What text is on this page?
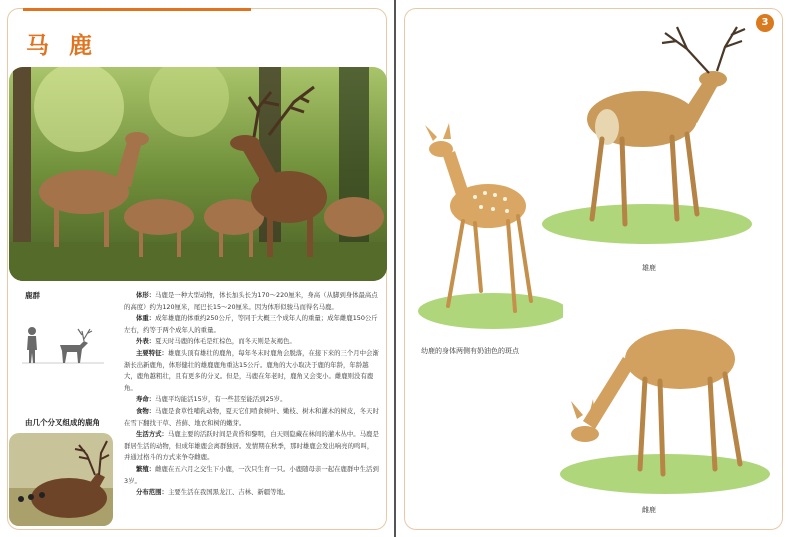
马 鹿
鹿群
由几个分叉组成的鹿角

体形：马鹿是一种大型动物，体长加头长为170～220厘米，身高（从脚到身体最高点的高度）约为120厘米，尾巴长15～20厘米。因为体形似骏马而得名马鹿。

体重：成年雄鹿的体重约250公斤，等同于大概三个成年人的重量；成年雌鹿150公斤左右，约等于两个成年人的重量。

外表：夏天时马鹿的体毛是红棕色，而冬天则是灰褐色。

主要特征：雄鹿头顶有雄壮的鹿角，每年冬末时鹿角会脱落，在接下来的三个月中会渐渐长出新鹿角，体形健壮的雄鹿鹿角重达15公斤。鹿角的大小取决于鹿的年龄，年龄越大，鹿角越粗壮，且有更多的分叉。但是，马鹿在年老时，鹿角又会变小。雌鹿则没有鹿角。

寿命：马鹿平均能活15岁，有一些甚至能活到25岁。

食物：马鹿是食草性哺乳动物，夏天它们啃食树叶、嫩枝、树木和灌木的树皮，冬天时在雪下翻找干草、苔藓、地衣和树的嫩芽。

生活方式：马鹿主要的活跃时间是黄昏和黎明，白天则隐藏在林间的灌木丛中。马鹿是群居生活的动物，但成年雄鹿会离群独居。发情期在秋季，那时雄鹿会发出响亮的鸣叫，并通过格斗的方式来争夺雌鹿。

繁殖：雌鹿在五六月之交生下小鹿，一次只生育一只。小鹿随母亲一起在鹿群中生活到3岁。

分布范围：主要生活在我国黑龙江、吉林、新疆等地。

3
雄鹿
幼鹿的身体两侧有奶油色的斑点
雌鹿
